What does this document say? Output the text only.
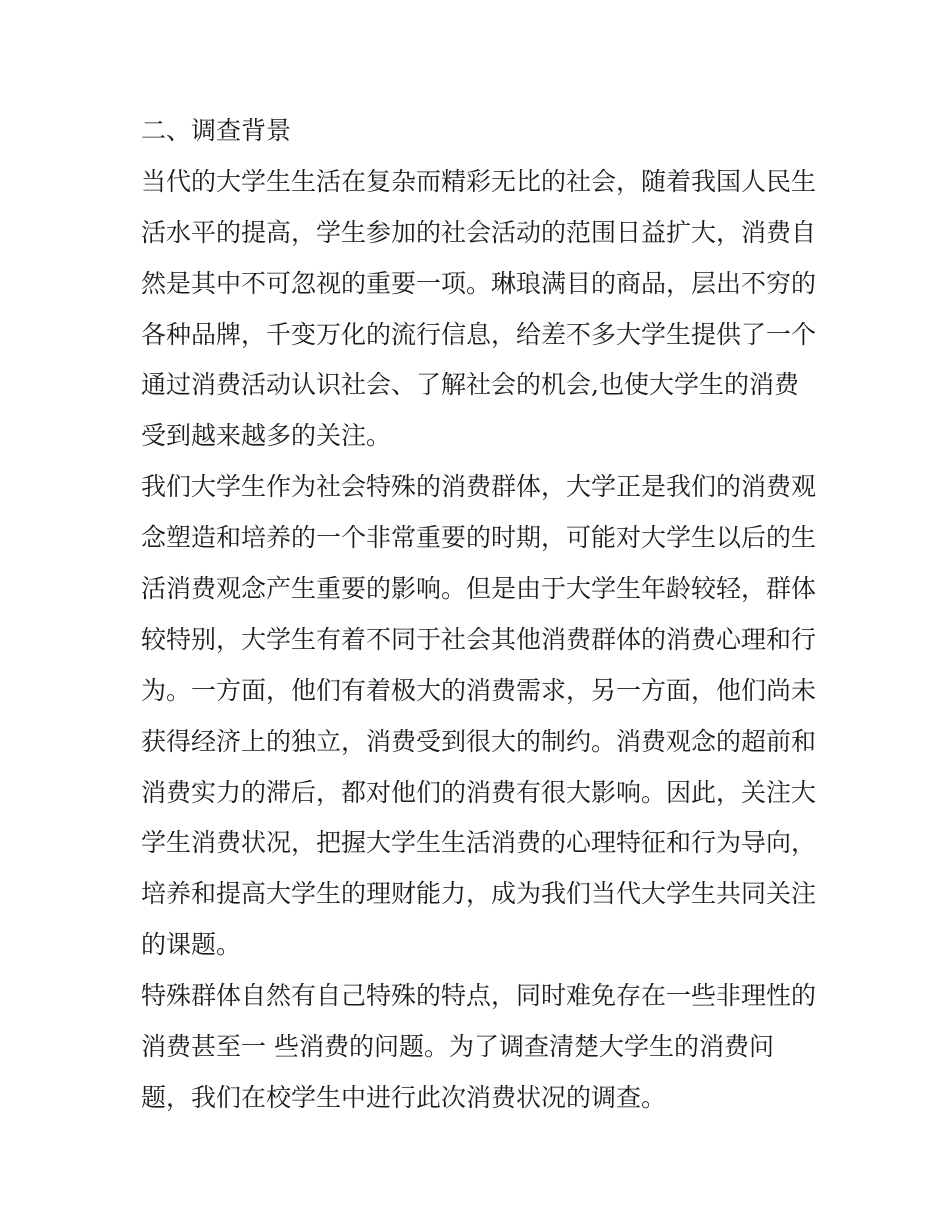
二、调查背景
当代的大学生生活在复杂而精彩无比的社会，随着我国人民生
活水平的提高，学生参加的社会活动的范围日益扩大，消费自
然是其中不可忽视的重要一项。琳琅满目的商品，层出不穷的
各种品牌，千变万化的流行信息，给差不多大学生提供了一个
通过消费活动认识社会、了解社会的机会,也使大学生的消费
受到越来越多的关注。
我们大学生作为社会特殊的消费群体，大学正是我们的消费观
念塑造和培养的一个非常重要的时期，可能对大学生以后的生
活消费观念产生重要的影响。但是由于大学生年龄较轻，群体
较特别，大学生有着不同于社会其他消费群体的消费心理和行
为。一方面，他们有着极大的消费需求，另一方面，他们尚未
获得经济上的独立，消费受到很大的制约。消费观念的超前和
消费实力的滞后，都对他们的消费有很大影响。因此，关注大
学生消费状况，把握大学生生活消费的心理特征和行为导向，
培养和提高大学生的理财能力，成为我们当代大学生共同关注
的课题。
特殊群体自然有自己特殊的特点，同时难免存在一些非理性的
消费甚至一 些消费的问题。为了调查清楚大学生的消费问
题，我们在校学生中进行此次消费状况的调查。
